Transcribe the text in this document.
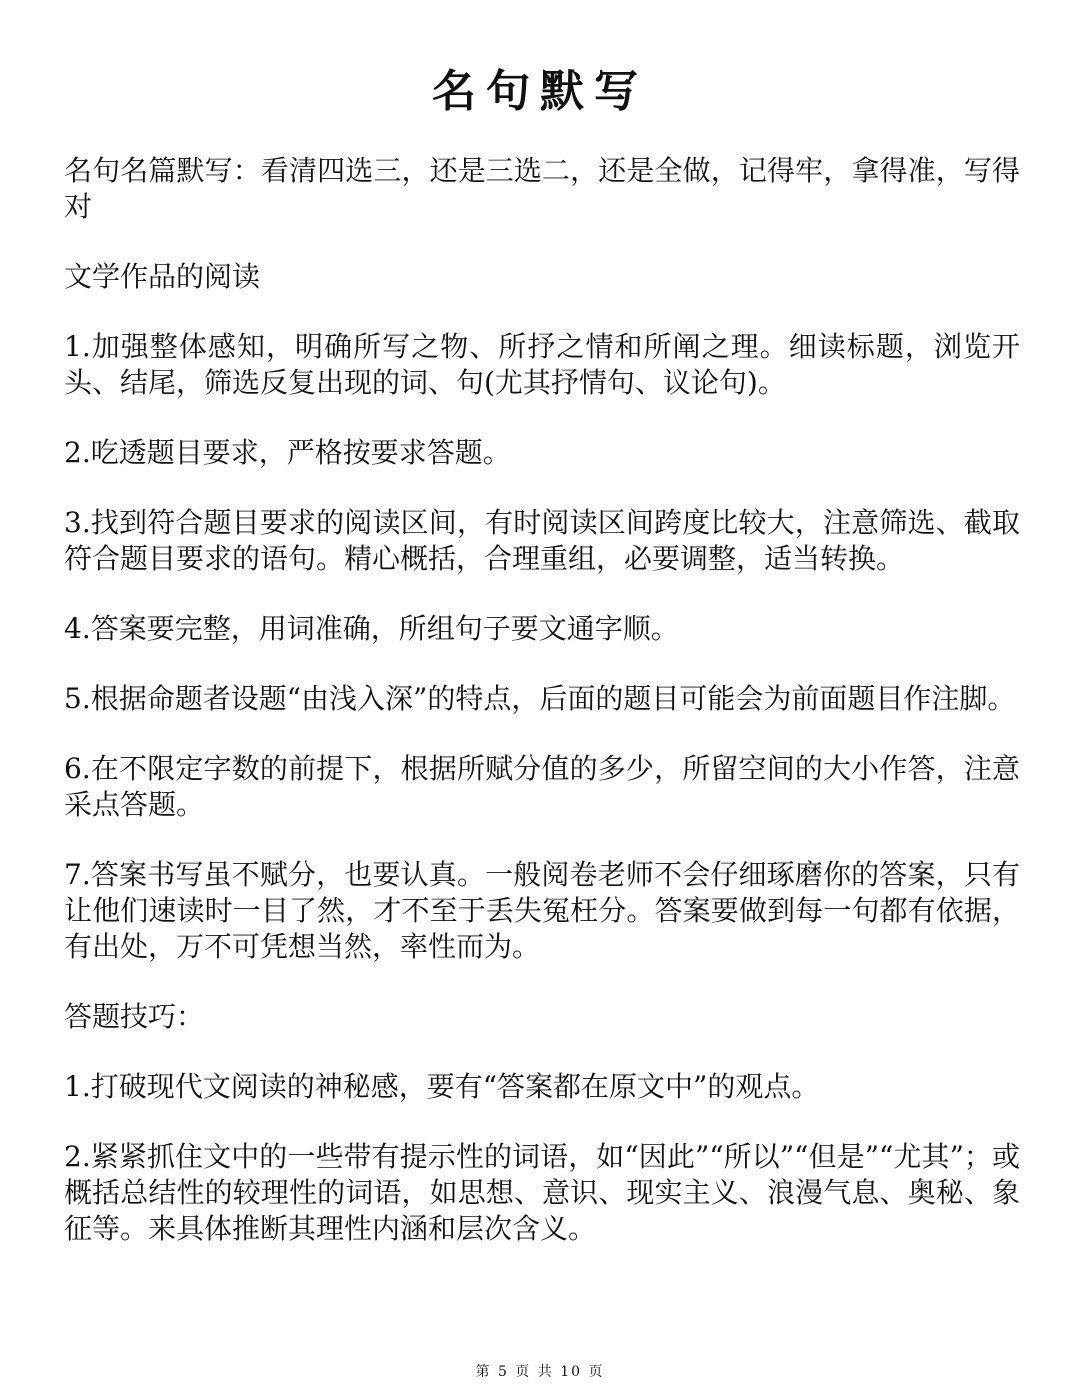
名句默写

名句名篇默写：看清四选三，还是三选二，还是全做，记得牢，拿得准，写得对

文学作品的阅读

1.加强整体感知，明确所写之物、所抒之情和所阐之理。细读标题，浏览开头、结尾，筛选反复出现的词、句(尤其抒情句、议论句)。

2.吃透题目要求，严格按要求答题。

3.找到符合题目要求的阅读区间，有时阅读区间跨度比较大，注意筛选、截取符合题目要求的语句。精心概括，合理重组，必要调整，适当转换。

4.答案要完整，用词准确，所组句子要文通字顺。

5.根据命题者设题“由浅入深”的特点，后面的题目可能会为前面题目作注脚。

6.在不限定字数的前提下，根据所赋分值的多少，所留空间的大小作答，注意采点答题。

7.答案书写虽不赋分，也要认真。一般阅卷老师不会仔细琢磨你的答案，只有让他们速读时一目了然，才不至于丢失冤枉分。答案要做到每一句都有依据，有出处，万不可凭想当然，率性而为。

答题技巧：

1.打破现代文阅读的神秘感，要有“答案都在原文中”的观点。

2.紧紧抓住文中的一些带有提示性的词语，如“因此”“所以”“但是”“尤其”；或概括总结性的较理性的词语，如思想、意识、现实主义、浪漫气息、奥秘、象征等。来具体推断其理性内涵和层次含义。

第 5 页 共 10 页
